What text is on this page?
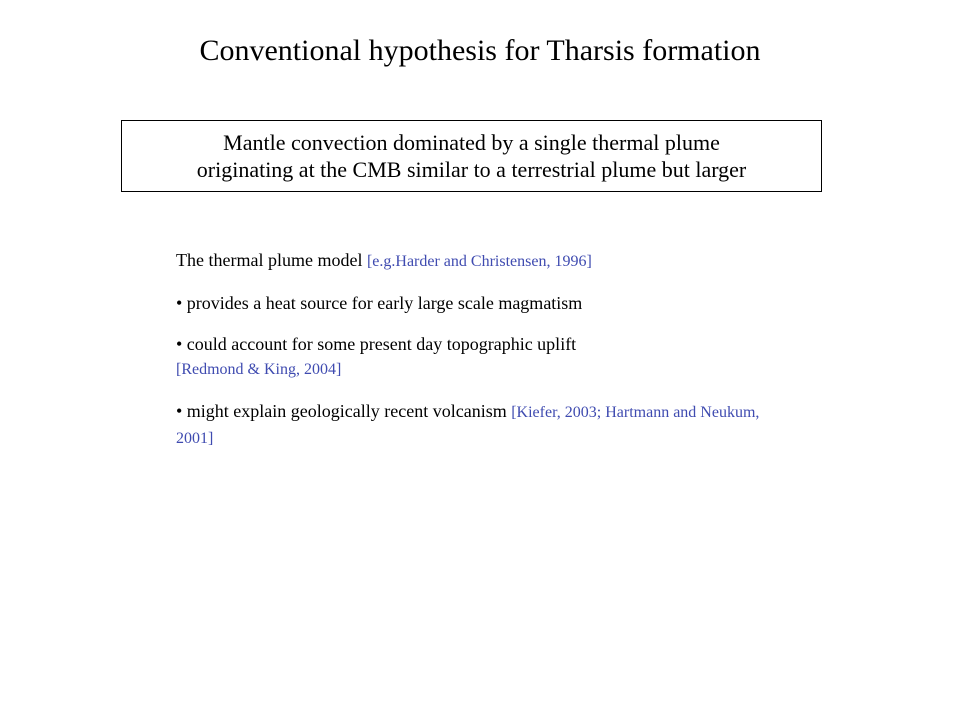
Conventional hypothesis for Tharsis formation
Mantle convection dominated by a single thermal plume
originating at the CMB similar to a terrestrial plume but larger

The thermal plume model [e.g.Harder and Christensen, 1996]

• provides a heat source for early large scale magmatism

• could account for some present day topographic uplift
[Redmond & King, 2004]

• might explain geologically recent volcanism [Kiefer, 2003; Hartmann and Neukum, 2001]
